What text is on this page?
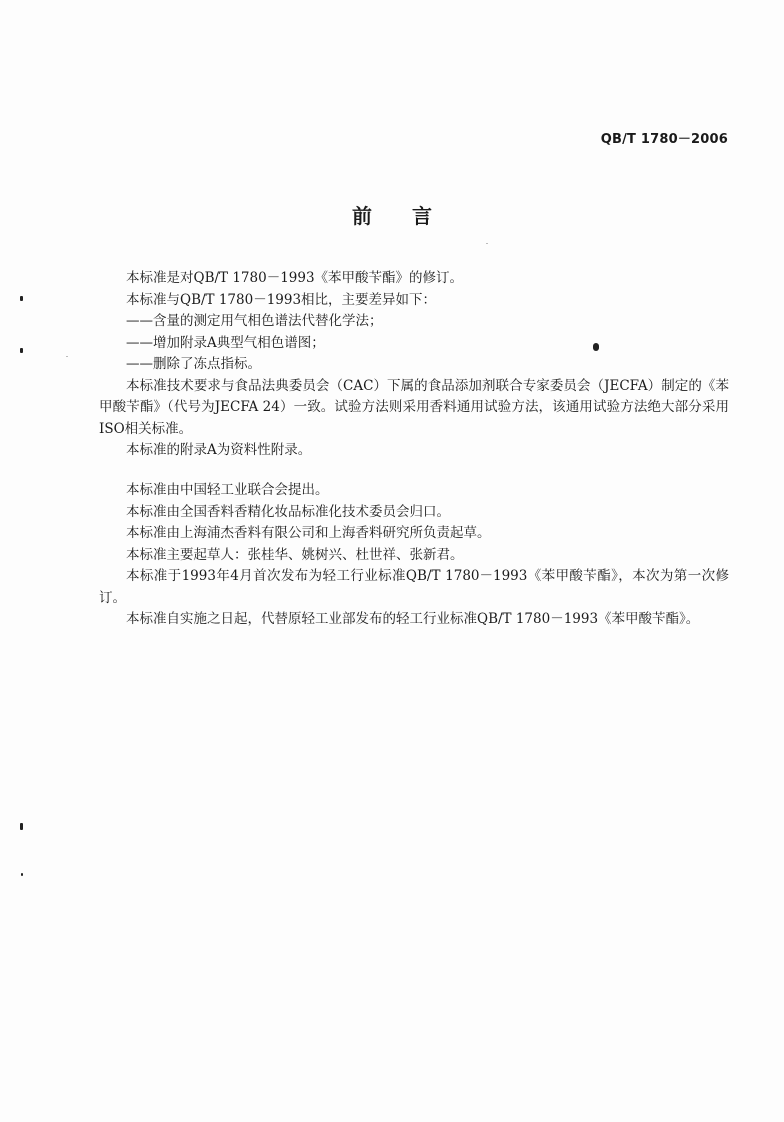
QB/T 1780－2006
前言

本标准是对QB/T 1780－1993《苯甲酸苄酯》的修订。

本标准与QB/T 1780－1993相比，主要差异如下：

——含量的测定用气相色谱法代替化学法；

——增加附录A典型气相色谱图；

——删除了冻点指标。

本标准技术要求与食品法典委员会（CAC）下属的食品添加剂联合专家委员会（JECFA）制定的《苯甲酸苄酯》（代号为JECFA 24）一致。试验方法则采用香料通用试验方法，该通用试验方法绝大部分采用ISO相关标准。

本标准的附录A为资料性附录。

本标准由中国轻工业联合会提出。

本标准由全国香料香精化妆品标准化技术委员会归口。

本标准由上海浦杰香料有限公司和上海香料研究所负责起草。

本标准主要起草人：张桂华、姚树兴、杜世祥、张新君。

本标准于1993年4月首次发布为轻工行业标准QB/T 1780－1993《苯甲酸苄酯》，本次为第一次修订。

本标准自实施之日起，代替原轻工业部发布的轻工行业标准QB/T 1780－1993《苯甲酸苄酯》。
